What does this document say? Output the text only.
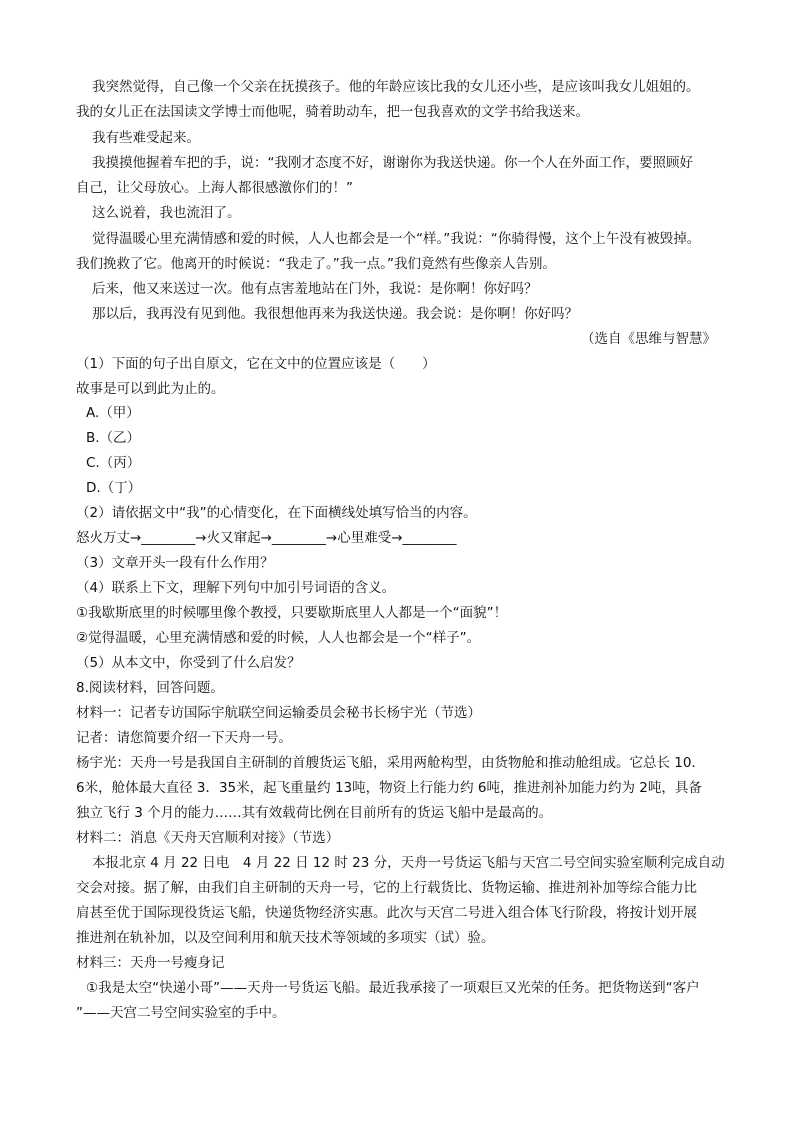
我突然觉得，自己像一个父亲在抚摸孩子。他的年龄应该比我的女儿还小些，是应该叫我女儿姐姐的。
我的女儿正在法国读文学博士而他呢，骑着助动车，把一包我喜欢的文学书给我送来。
我有些难受起来。
我摸摸他握着车把的手，说：“我刚才态度不好，谢谢你为我送快递。你一个人在外面工作，要照顾好
自己，让父母放心。上海人都很感激你们的！”
这么说着，我也流泪了。
觉得温暖心里充满情感和爱的时候，人人也都会是一个“样。”我说：“你骑得慢，这个上午没有被毁掉。
我们挽救了它。他离开的时候说：“我走了。”我一点。”我们竟然有些像亲人告别。
后来，他又来送过一次。他有点害羞地站在门外，我说：是你啊！你好吗？
那以后，我再没有见到他。我很想他再来为我送快递。我会说：是你啊！你好吗？
（选自《思维与智慧》
（1）下面的句子出自原文，它在文中的位置应该是（　　）
故事是可以到此为止的。
A.（甲）
B.（乙）
C.（丙）
D.（丁）
（2）请依据文中“我”的心情变化，在下面横线处填写恰当的内容。
怒火万丈→________→火又窜起→________→心里难受→________
（3）文章开头一段有什么作用？
（4）联系上下文，理解下列句中加引号词语的含义。
①我歇斯底里的时候哪里像个教授，只要歇斯底里人人都是一个“面貌”！
②觉得温暖，心里充满情感和爱的时候，人人也都会是一个“样子”。
（5）从本文中，你受到了什么启发？
8.阅读材料，回答问题。
材料一：记者专访国际宇航联空间运输委员会秘书长杨宇光（节选）
记者：请您简要介绍一下天舟一号。
杨宇光：天舟一号是我国自主研制的首艘货运飞船，采用两舱构型，由货物舱和推动舱组成。它总长 10．
6米，舱体最大直径 3．35米，起飞重量约 13吨，物资上行能力约 6吨，推进剂补加能力约为 2吨，具备
独立飞行 3 个月的能力……其有效载荷比例在目前所有的货运飞船中是最高的。
材料二：消息《天舟天宫顺利对接》（节选）
本报北京 4 月 22 日电　4 月 22 日 12 时 23 分，天舟一号货运飞船与天宫二号空间实验室顺利完成自动
交会对接。据了解，由我们自主研制的天舟一号，它的上行载货比、货物运输、推进剂补加等综合能力比
肩甚至优于国际现役货运飞船，快递货物经济实惠。此次与天宫二号进入组合体飞行阶段，将按计划开展
推进剂在轨补加，以及空间利用和航天技术等领域的多项实（试）验。
材料三：天舟一号瘦身记
①我是太空“快递小哥”——天舟一号货运飞船。最近我承接了一项艰巨又光荣的任务。把货物送到“客户
”——天宫二号空间实验室的手中。
